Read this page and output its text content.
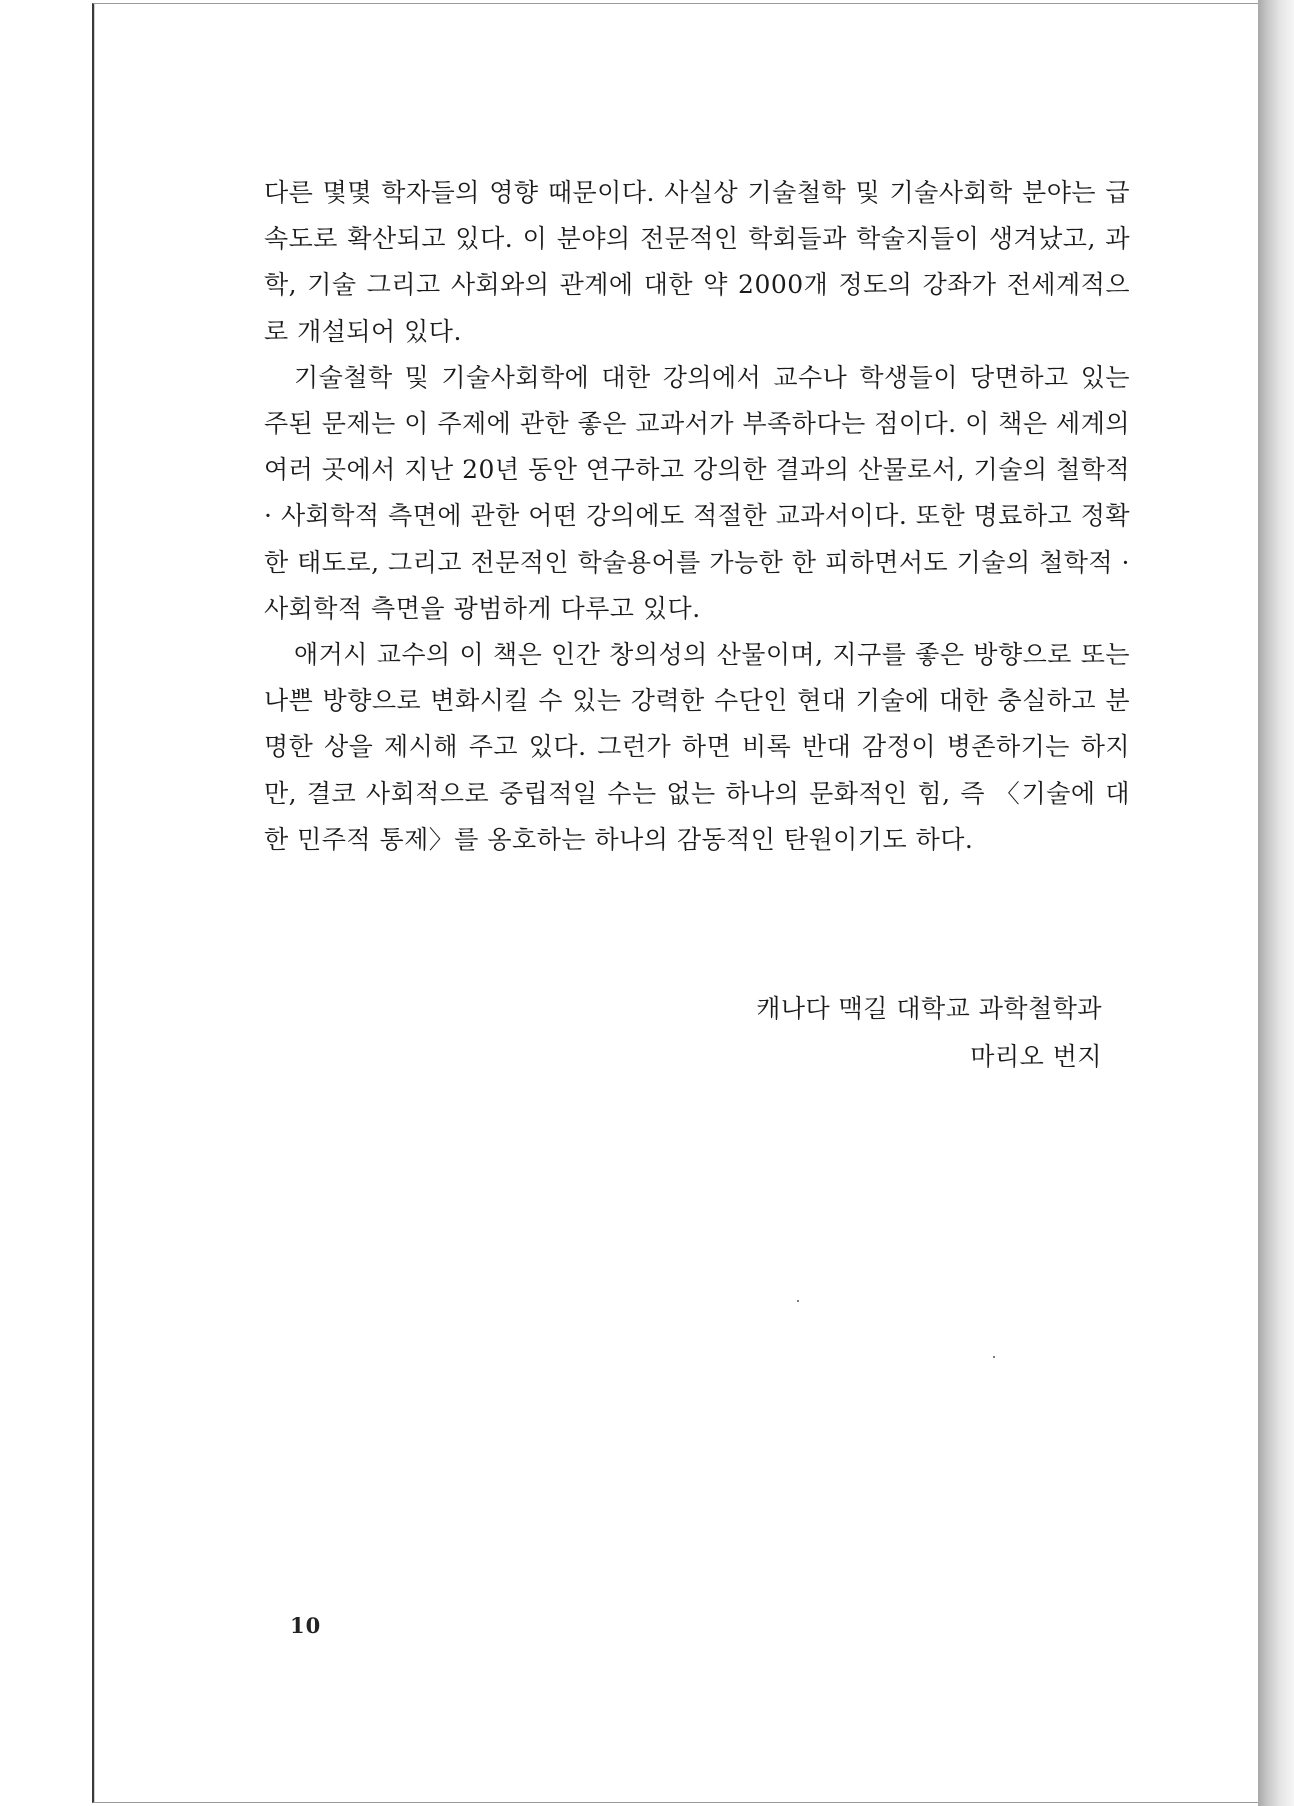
다른 몇몇 학자들의 영향 때문이다. 사실상 기술철학 및 기술사회학 분야는 급속도로 확산되고 있다. 이 분야의 전문적인 학회들과 학술지들이 생겨났고, 과학, 기술 그리고 사회와의 관계에 대한 약 2000개 정도의 강좌가 전세계적으로 개설되어 있다.

기술철학 및 기술사회학에 대한 강의에서 교수나 학생들이 당면하고 있는 주된 문제는 이 주제에 관한 좋은 교과서가 부족하다는 점이다. 이 책은 세계의 여러 곳에서 지난 20년 동안 연구하고 강의한 결과의 산물로서, 기술의 철학적 · 사회학적 측면에 관한 어떤 강의에도 적절한 교과서이다. 또한 명료하고 정확한 태도로, 그리고 전문적인 학술용어를 가능한 한 피하면서도 기술의 철학적 · 사회학적 측면을 광범하게 다루고 있다.

애거시 교수의 이 책은 인간 창의성의 산물이며, 지구를 좋은 방향으로 또는 나쁜 방향으로 변화시킬 수 있는 강력한 수단인 현대 기술에 대한 충실하고 분명한 상을 제시해 주고 있다. 그런가 하면 비록 반대 감정이 병존하기는 하지만, 결코 사회적으로 중립적일 수는 없는 하나의 문화적인 힘, 즉 〈기술에 대한 민주적 통제〉를 옹호하는 하나의 감동적인 탄원이기도 하다.

캐나다 맥길 대학교 과학철학과
마리오 번지
10
